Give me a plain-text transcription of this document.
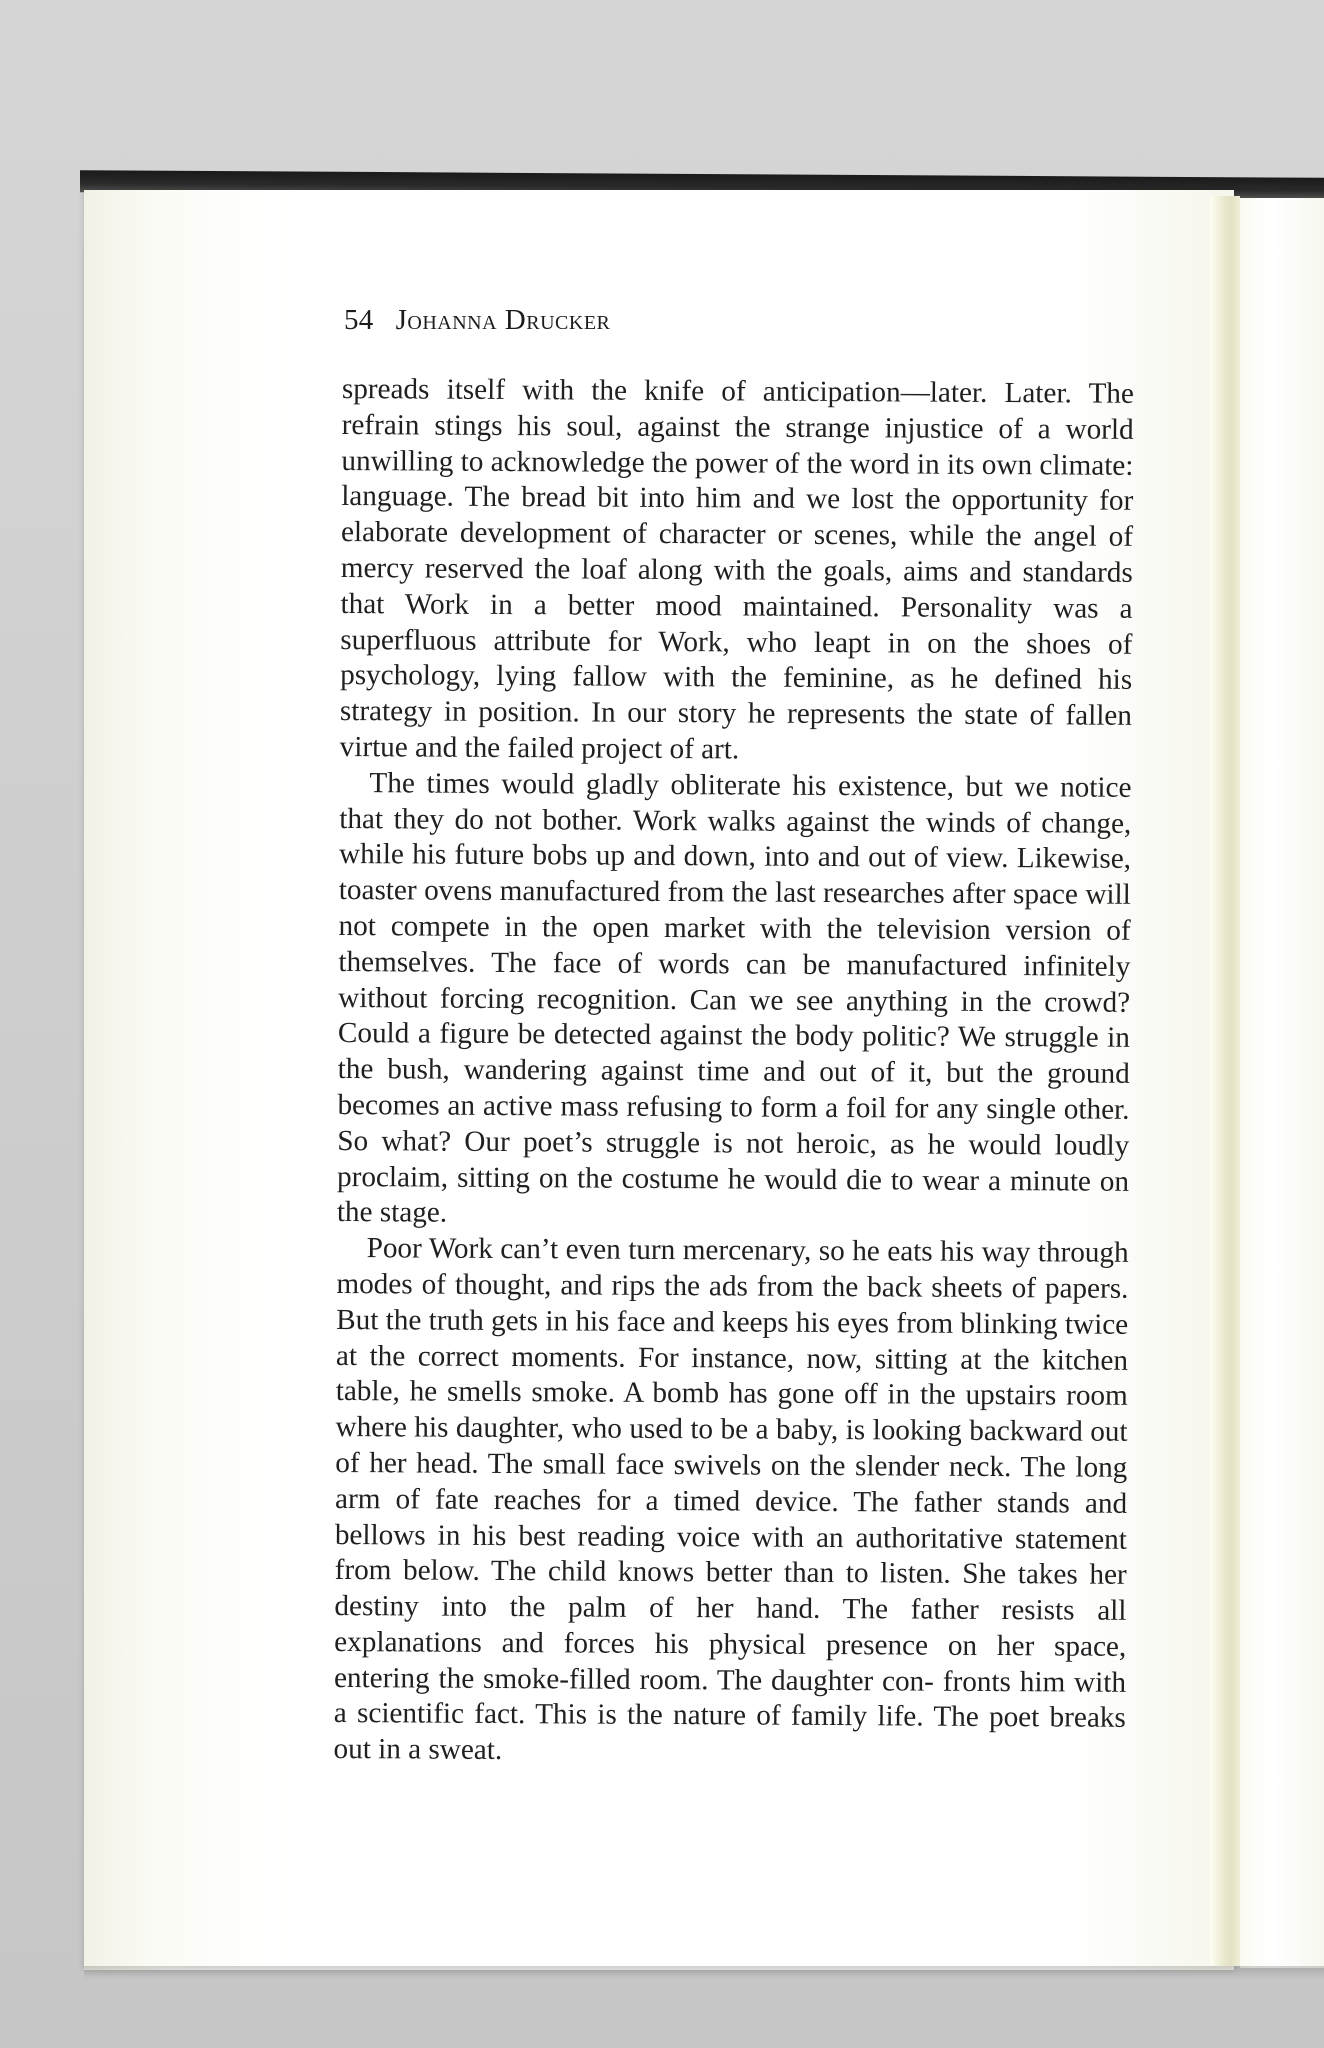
54 Johanna Drucker

spreads itself with the knife of anticipation—later. Later. The refrain stings his soul, against the strange injustice of a world unwilling to acknowledge the power of the word in its own climate: language. The bread bit into him and we lost the opportunity for elaborate development of character or scenes, while the angel of mercy reserved the loaf along with the goals, aims and standards that Work in a better mood maintained. Personality was a superfluous attribute for Work, who leapt in on the shoes of psychology, lying fallow with the feminine, as he defined his strategy in position. In our story he represents the state of fallen virtue and the failed project of art.

The times would gladly obliterate his existence, but we notice that they do not bother. Work walks against the winds of change, while his future bobs up and down, into and out of view. Likewise, toaster ovens manufactured from the last researches after space will not compete in the open market with the television version of themselves. The face of words can be manufactured infinitely without forcing recognition. Can we see anything in the crowd? Could a figure be detected against the body politic? We struggle in the bush, wandering against time and out of it, but the ground becomes an active mass refusing to form a foil for any single other. So what? Our poet’s struggle is not heroic, as he would loudly proclaim, sitting on the costume he would die to wear a minute on the stage.

Poor Work can’t even turn mercenary, so he eats his way through modes of thought, and rips the ads from the back sheets of papers. But the truth gets in his face and keeps his eyes from blinking twice at the correct moments. For instance, now, sitting at the kitchen table, he smells smoke. A bomb has gone off in the upstairs room where his daughter, who used to be a baby, is looking backward out of her head. The small face swivels on the slender neck. The long arm of fate reaches for a timed device. The father stands and bellows in his best reading voice with an authoritative statement from below. The child knows better than to listen. She takes her destiny into the palm of her hand. The father resists all explanations and forces his physical presence on her space, entering the smoke-filled room. The daughter con- fronts him with a scientific fact. This is the nature of family life. The poet breaks out in a sweat.
